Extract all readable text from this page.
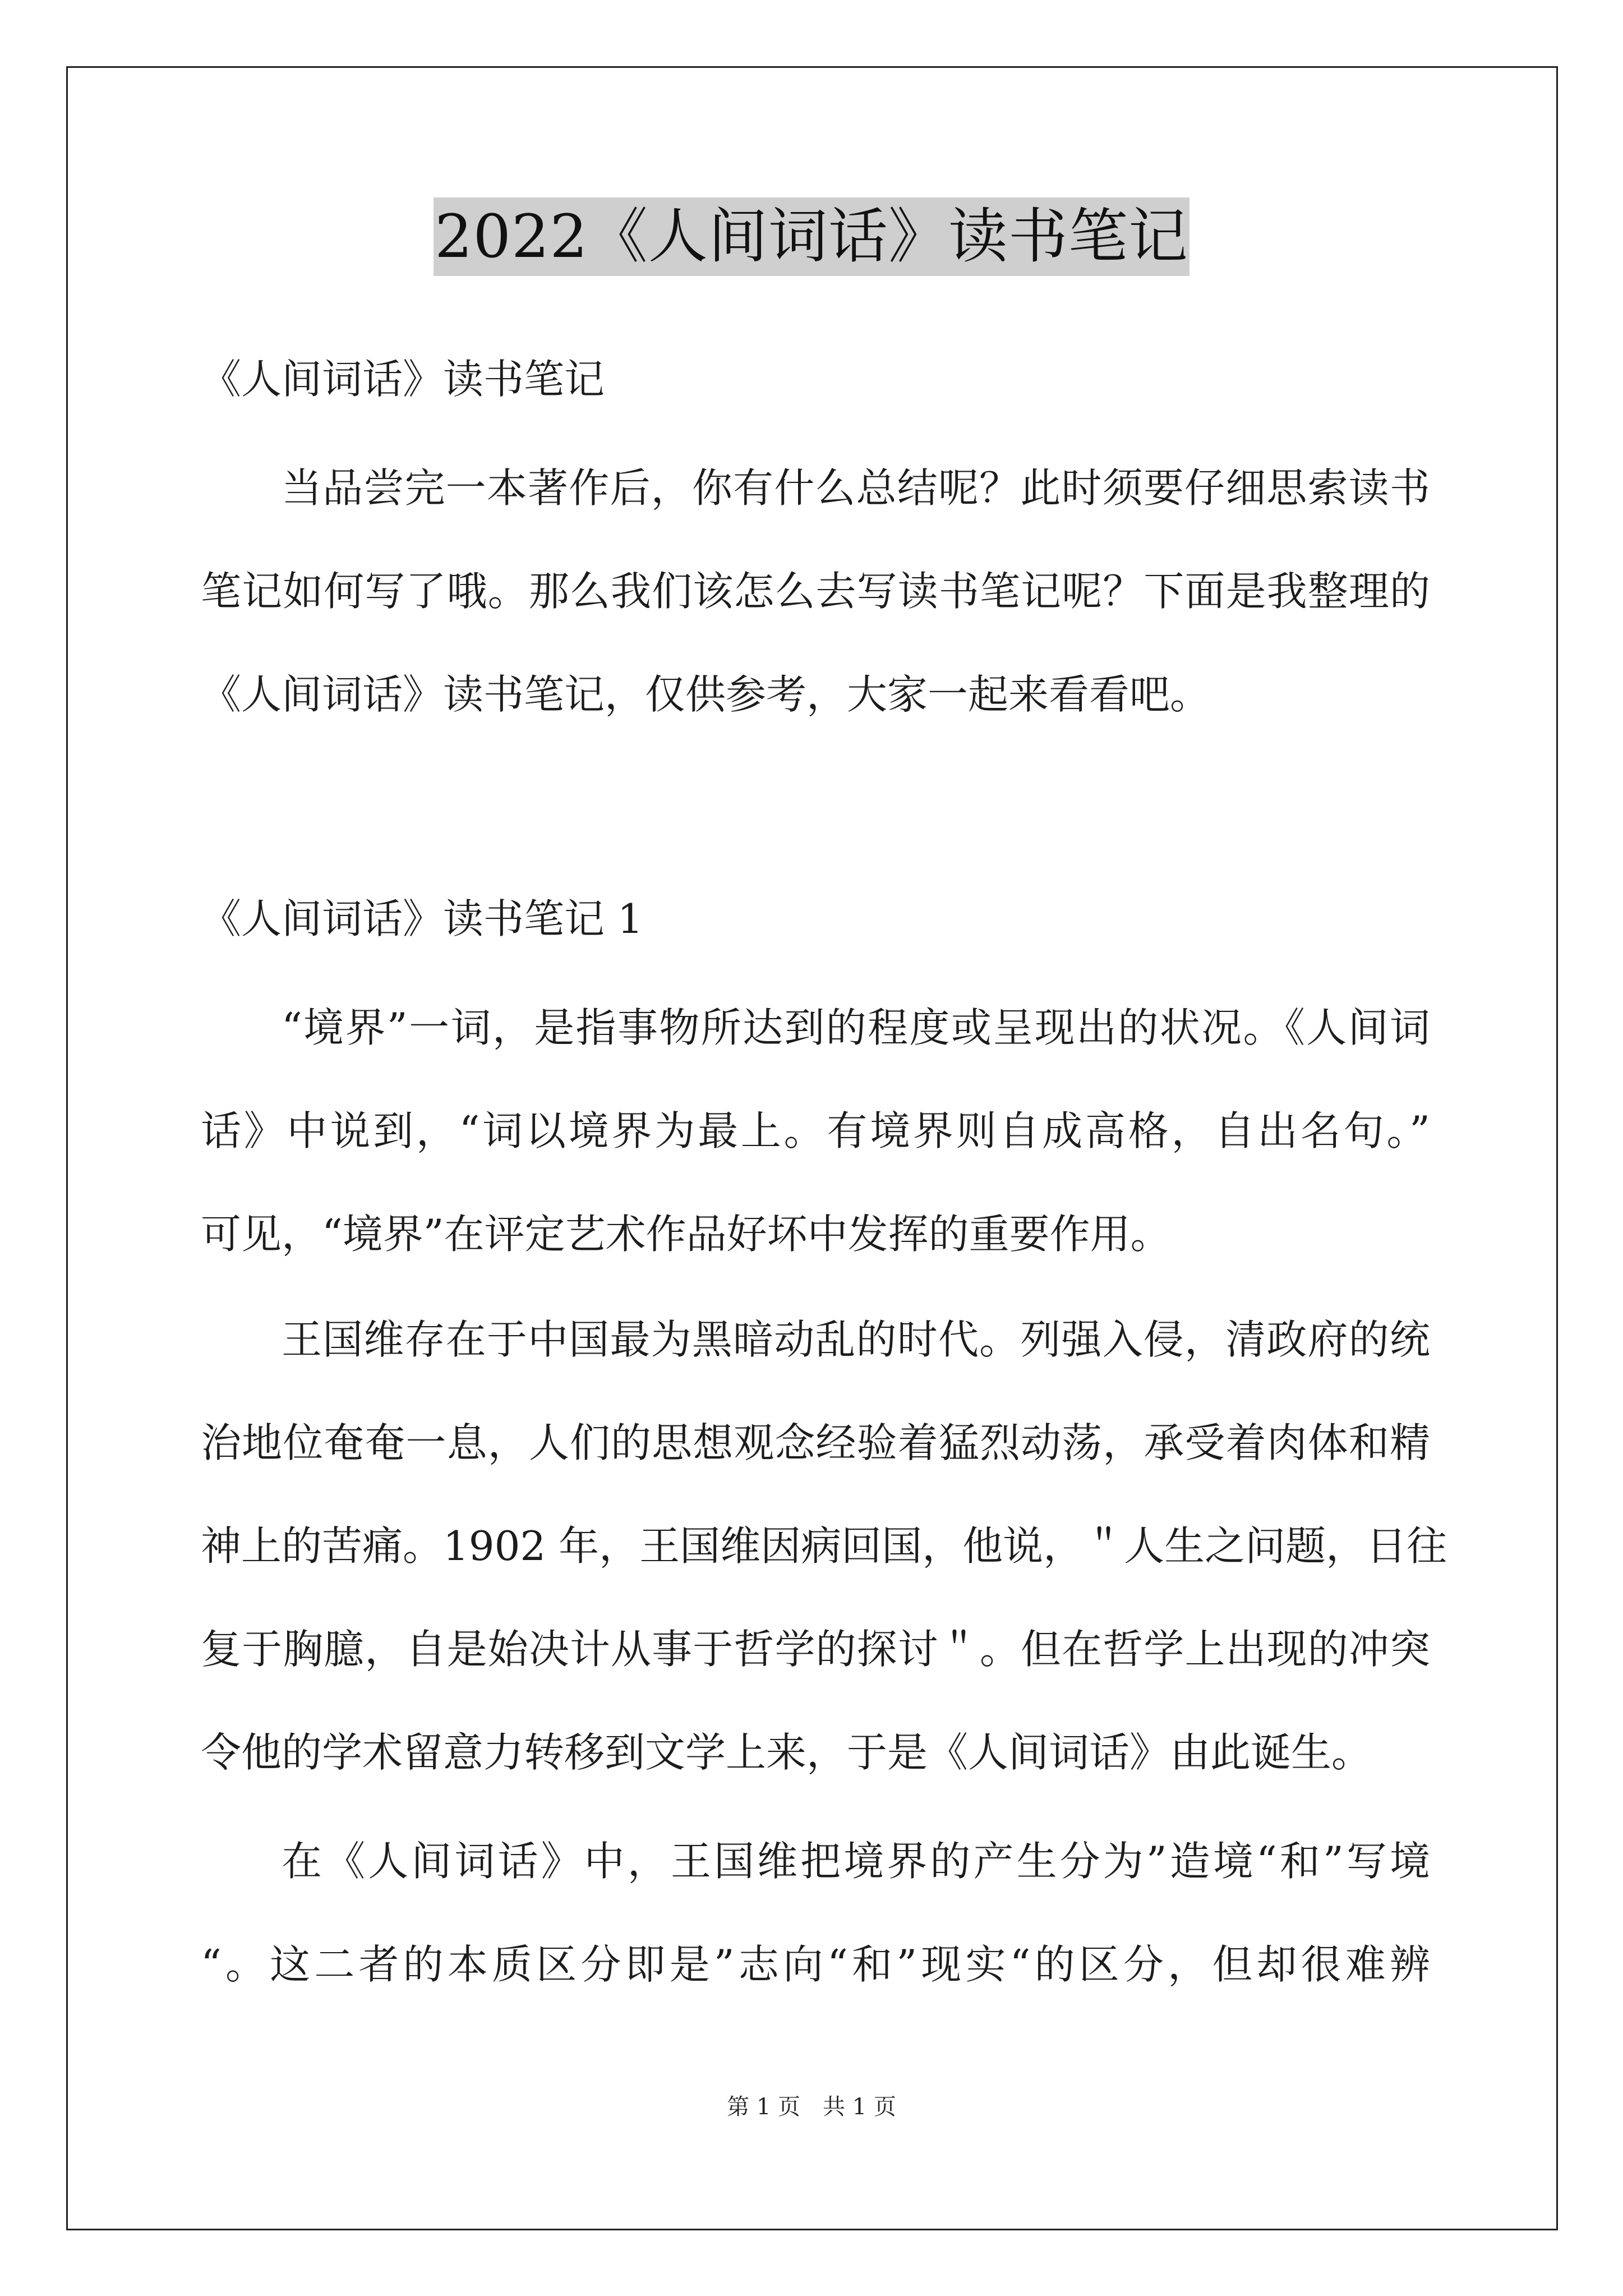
2022《人间词话》读书笔记
《人间词话》读书笔记
当品尝完一本著作后，你有什么总结呢？此时须要仔细思索读书
笔记如何写了哦。那么我们该怎么去写读书笔记呢？下面是我整理的
《人间词话》读书笔记，仅供参考，大家一起来看看吧。
《人间词话》读书笔记 1
“境界”一词，是指事物所达到的程度或呈现出的状况。《人间词
话》中说到，“词以境界为最上。有境界则自成高格，自出名句。”
可见，“境界”在评定艺术作品好坏中发挥的重要作用。
王国维存在于中国最为黑暗动乱的时代。列强入侵，清政府的统
治地位奄奄一息，人们的思想观念经验着猛烈动荡，承受着肉体和精
神上的苦痛。1902 年，王国维因病回国，他说，＂人生之问题，日往
复于胸臆，自是始决计从事于哲学的探讨＂。但在哲学上出现的冲突
令他的学术留意力转移到文学上来，于是《人间词话》由此诞生。
在《人间词话》中，王国维把境界的产生分为”造境“和”写境
“。这二者的本质区分即是”志向“和”现实“的区分，但却很难辨
第 1 页 共 1 页
